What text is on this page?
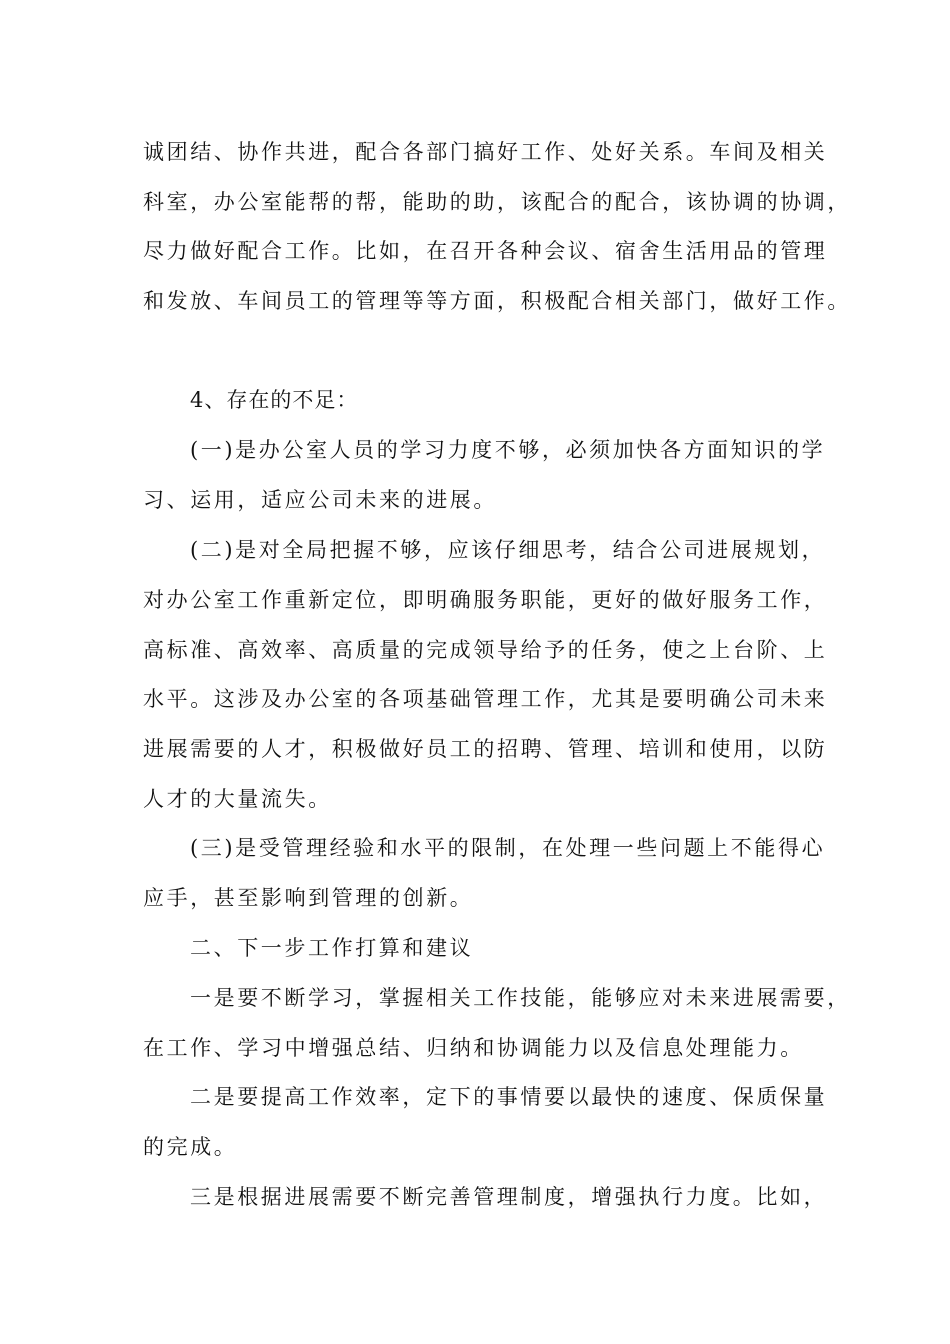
诚团结、协作共进，配合各部门搞好工作、处好关系。车间及相关
科室，办公室能帮的帮，能助的助，该配合的配合，该协调的协调，
尽力做好配合工作。比如，在召开各种会议、宿舍生活用品的管理
和发放、车间员工的管理等等方面，积极配合相关部门，做好工作。
4、存在的不足：
(一)是办公室人员的学习力度不够，必须加快各方面知识的学
习、运用，适应公司未来的进展。
(二)是对全局把握不够，应该仔细思考，结合公司进展规划，
对办公室工作重新定位，即明确服务职能，更好的做好服务工作，
高标准、高效率、高质量的完成领导给予的任务，使之上台阶、上
水平。这涉及办公室的各项基础管理工作，尤其是要明确公司未来
进展需要的人才，积极做好员工的招聘、管理、培训和使用，以防
人才的大量流失。
(三)是受管理经验和水平的限制，在处理一些问题上不能得心
应手，甚至影响到管理的创新。
二、下一步工作打算和建议
一是要不断学习，掌握相关工作技能，能够应对未来进展需要，
在工作、学习中增强总结、归纳和协调能力以及信息处理能力。
二是要提高工作效率，定下的事情要以最快的速度、保质保量
的完成。
三是根据进展需要不断完善管理制度，增强执行力度。比如，
